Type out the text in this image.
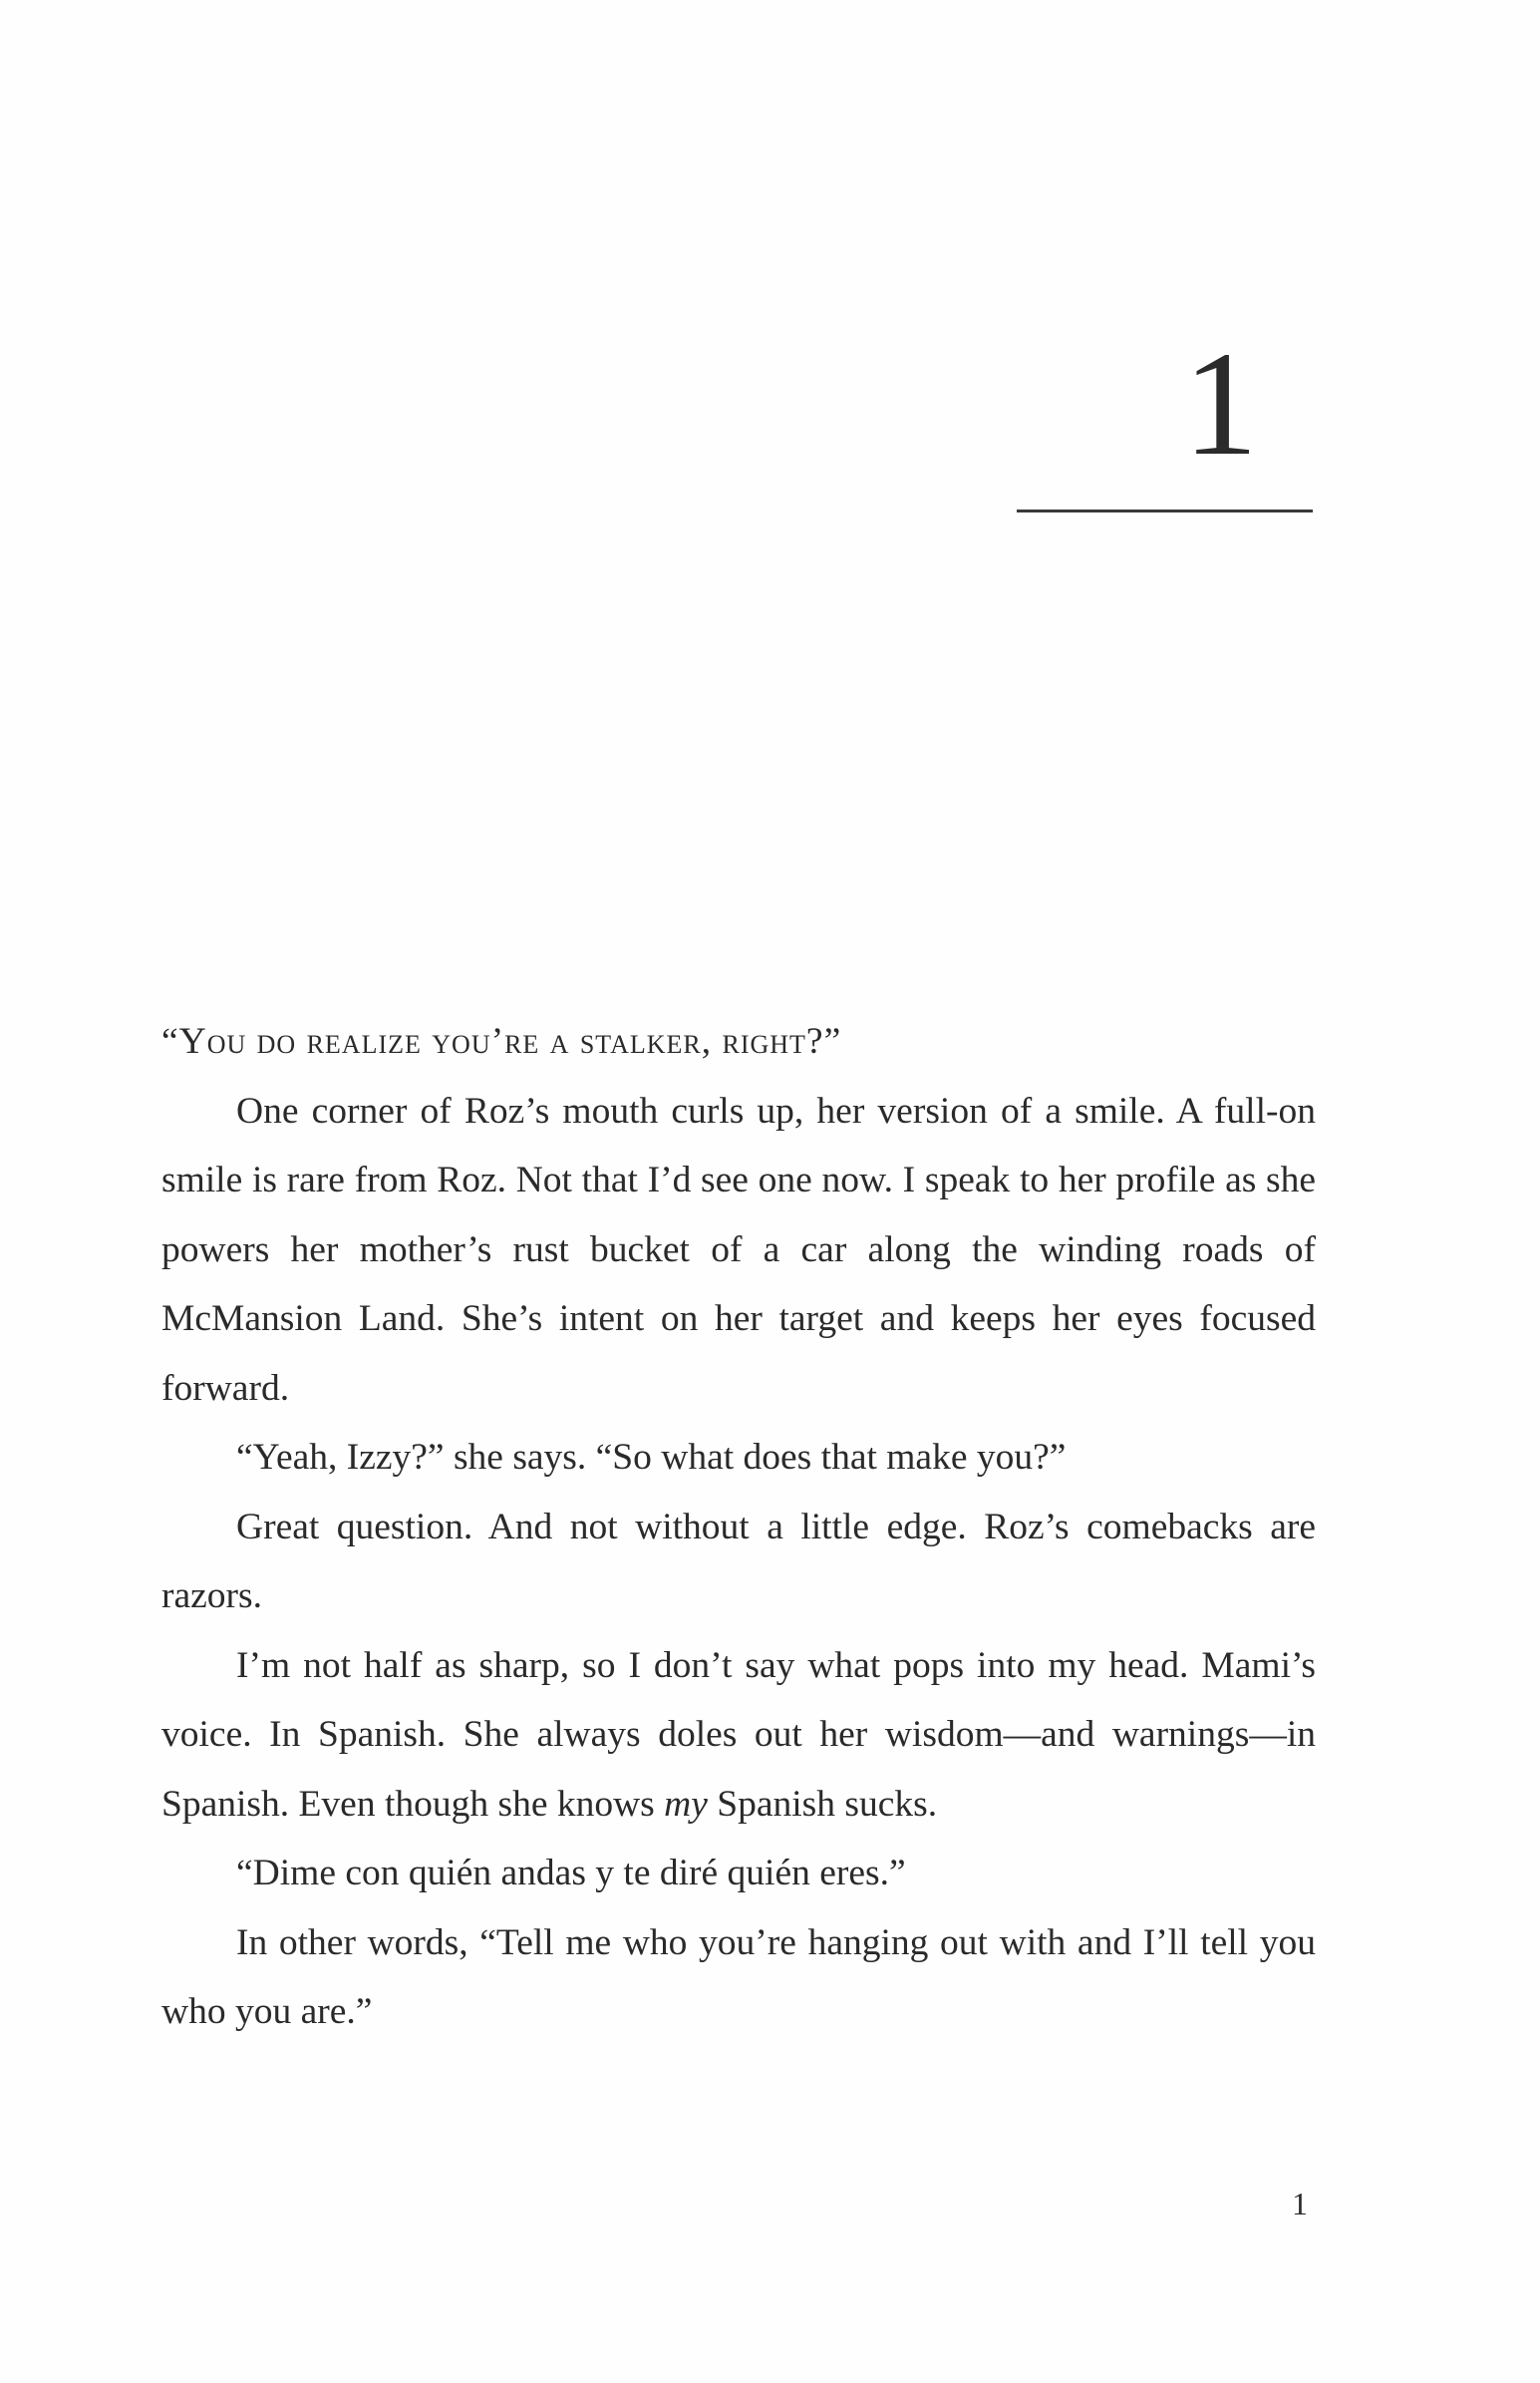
1

“You do realize you’re a stalker, right?”

One corner of Roz’s mouth curls up, her version of a smile. A full-on smile is rare from Roz. Not that I’d see one now. I speak to her profile as she powers her mother’s rust bucket of a car along the winding roads of McMansion Land. She’s intent on her target and keeps her eyes focused forward.

“Yeah, Izzy?” she says. “So what does that make you?”

Great question. And not without a little edge. Roz’s comebacks are razors.

I’m not half as sharp, so I don’t say what pops into my head. Mami’s voice. In Spanish. She always doles out her wisdom—and warnings—in Spanish. Even though she knows my Spanish sucks.

“Dime con quién andas y te diré quién eres.”

In other words, “Tell me who you’re hanging out with and I’ll tell you who you are.”

1
